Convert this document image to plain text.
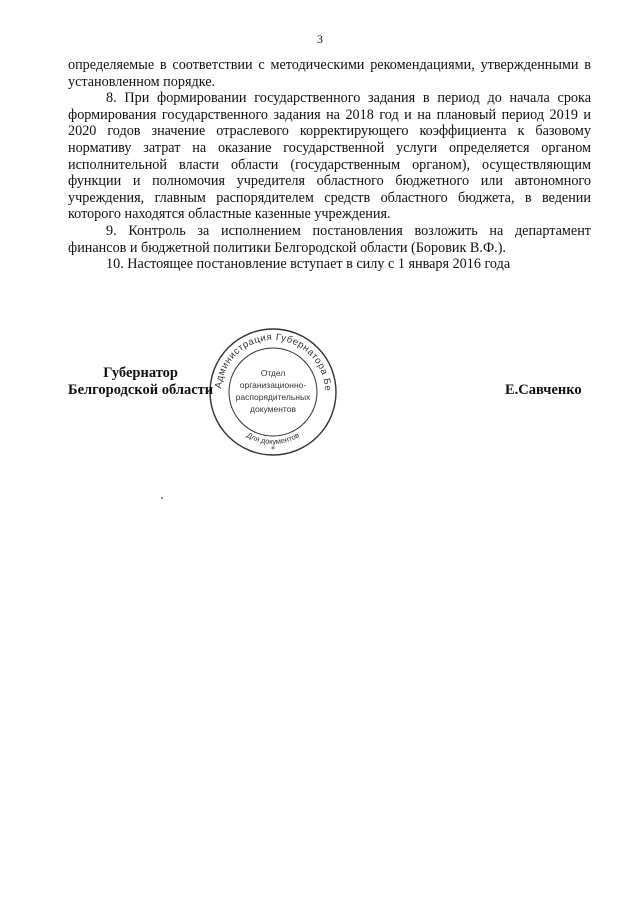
3

определяемые в соответствии с методическими рекомендациями, утвержденными в установленном порядке.

8. При формировании государственного задания в период до начала срока формирования государственного задания на 2018 год и на плановый период 2019 и 2020 годов значение отраслевого корректирующего коэффициента к базовому нормативу затрат на оказание государственной услуги определяется органом исполнительной власти области (государственным органом), осуществляющим функции и полномочия учредителя областного бюджетного или автономного учреждения, главным распорядителем средств областного бюджета, в ведении которого находятся областные казенные учреждения.

9. Контроль за исполнением постановления возложить на департамент финансов и бюджетной политики Белгородской области (Боровик В.Ф.).

10. Настоящее постановление вступает в силу с 1 января 2016 года

Губернатор
Белгородской области	Е.Савченко
Администрация Губернатора Бе
Для документов
Отдел
организационно-
распорядительных
документов
*
